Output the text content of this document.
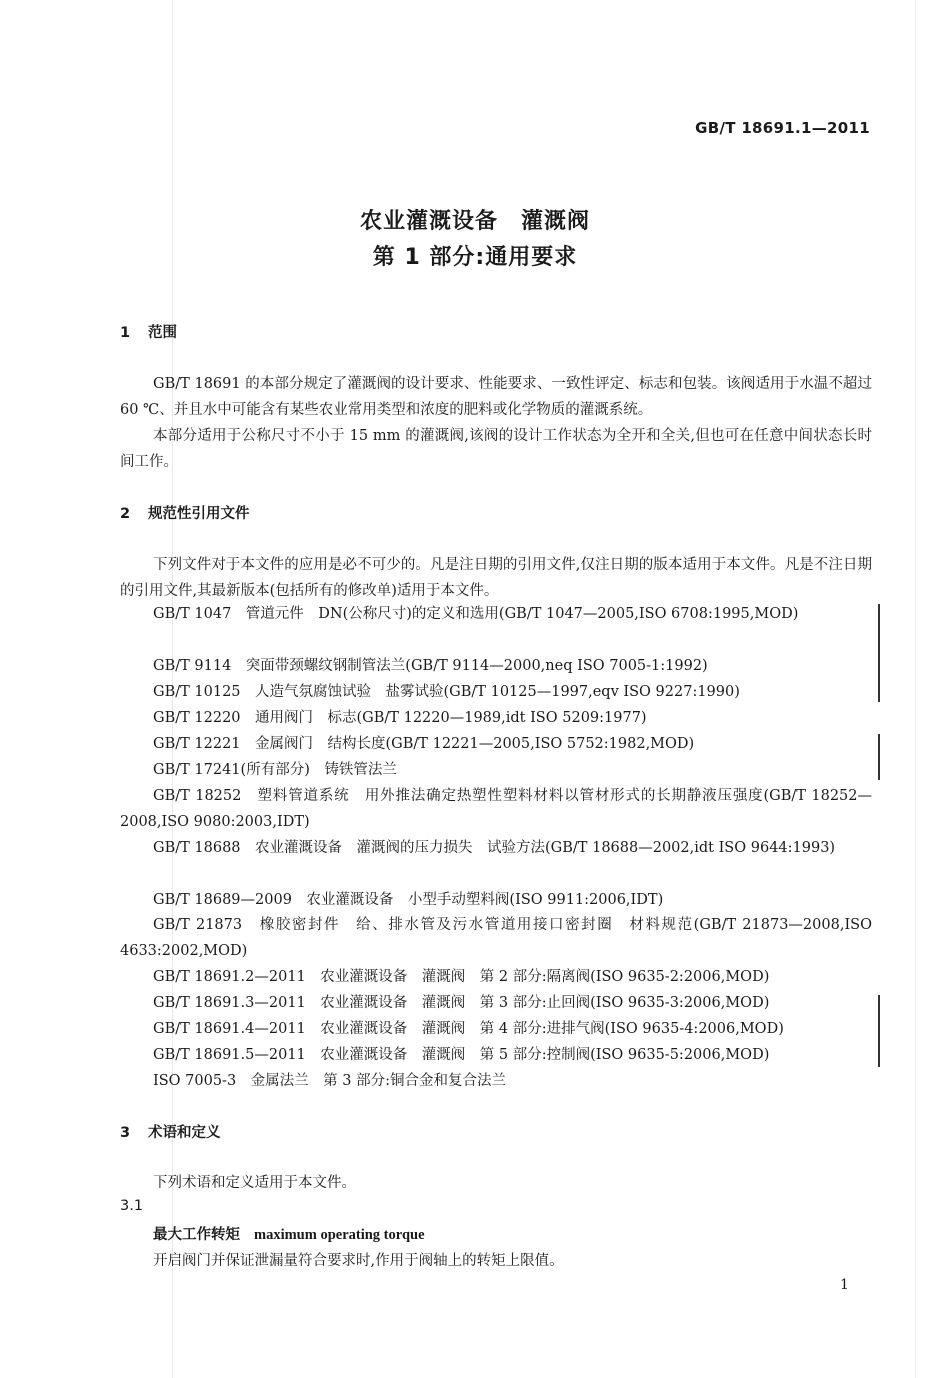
GB/T 18691.1—2011
农业灌溉设备　灌溉阀
第 1 部分:通用要求
1 范围
GB/T 18691 的本部分规定了灌溉阀的设计要求、性能要求、一致性评定、标志和包装。该阀适用于水温不超过 60 ℃、并且水中可能含有某些农业常用类型和浓度的肥料或化学物质的灌溉系统。
本部分适用于公称尺寸不小于 15 mm 的灌溉阀,该阀的设计工作状态为全开和全关,但也可在任意中间状态长时间工作。
2 规范性引用文件
下列文件对于本文件的应用是必不可少的。凡是注日期的引用文件,仅注日期的版本适用于本文件。凡是不注日期的引用文件,其最新版本(包括所有的修改单)适用于本文件。
GB/T 1047　管道元件　DN(公称尺寸)的定义和选用(GB/T 1047—2005,ISO 6708:1995,MOD)
GB/T 9114　突面带颈螺纹钢制管法兰(GB/T 9114—2000,neq ISO 7005-1:1992)
GB/T 10125　人造气氛腐蚀试验　盐雾试验(GB/T 10125—1997,eqv ISO 9227:1990)
GB/T 12220　通用阀门　标志(GB/T 12220—1989,idt ISO 5209:1977)
GB/T 12221　金属阀门　结构长度(GB/T 12221—2005,ISO 5752:1982,MOD)
GB/T 17241(所有部分)　铸铁管法兰
GB/T 18252　塑料管道系统　用外推法确定热塑性塑料材料以管材形式的长期静液压强度(GB/T 18252—2008,ISO 9080:2003,IDT)
GB/T 18688　农业灌溉设备　灌溉阀的压力损失　试验方法(GB/T 18688—2002,idt ISO 9644:1993)
GB/T 18689—2009　农业灌溉设备　小型手动塑料阀(ISO 9911:2006,IDT)
GB/T 21873　橡胶密封件　给、排水管及污水管道用接口密封圈　材料规范(GB/T 21873—2008,ISO 4633:2002,MOD)
GB/T 18691.2—2011　农业灌溉设备　灌溉阀　第 2 部分:隔离阀(ISO 9635-2:2006,MOD)
GB/T 18691.3—2011　农业灌溉设备　灌溉阀　第 3 部分:止回阀(ISO 9635-3:2006,MOD)
GB/T 18691.4—2011　农业灌溉设备　灌溉阀　第 4 部分:进排气阀(ISO 9635-4:2006,MOD)
GB/T 18691.5—2011　农业灌溉设备　灌溉阀　第 5 部分:控制阀(ISO 9635-5:2006,MOD)
ISO 7005-3　金属法兰　第 3 部分:铜合金和复合法兰
3 术语和定义
下列术语和定义适用于本文件。
3.1
最大工作转矩 maximum operating torque
开启阀门并保证泄漏量符合要求时,作用于阀轴上的转矩上限值。
1
